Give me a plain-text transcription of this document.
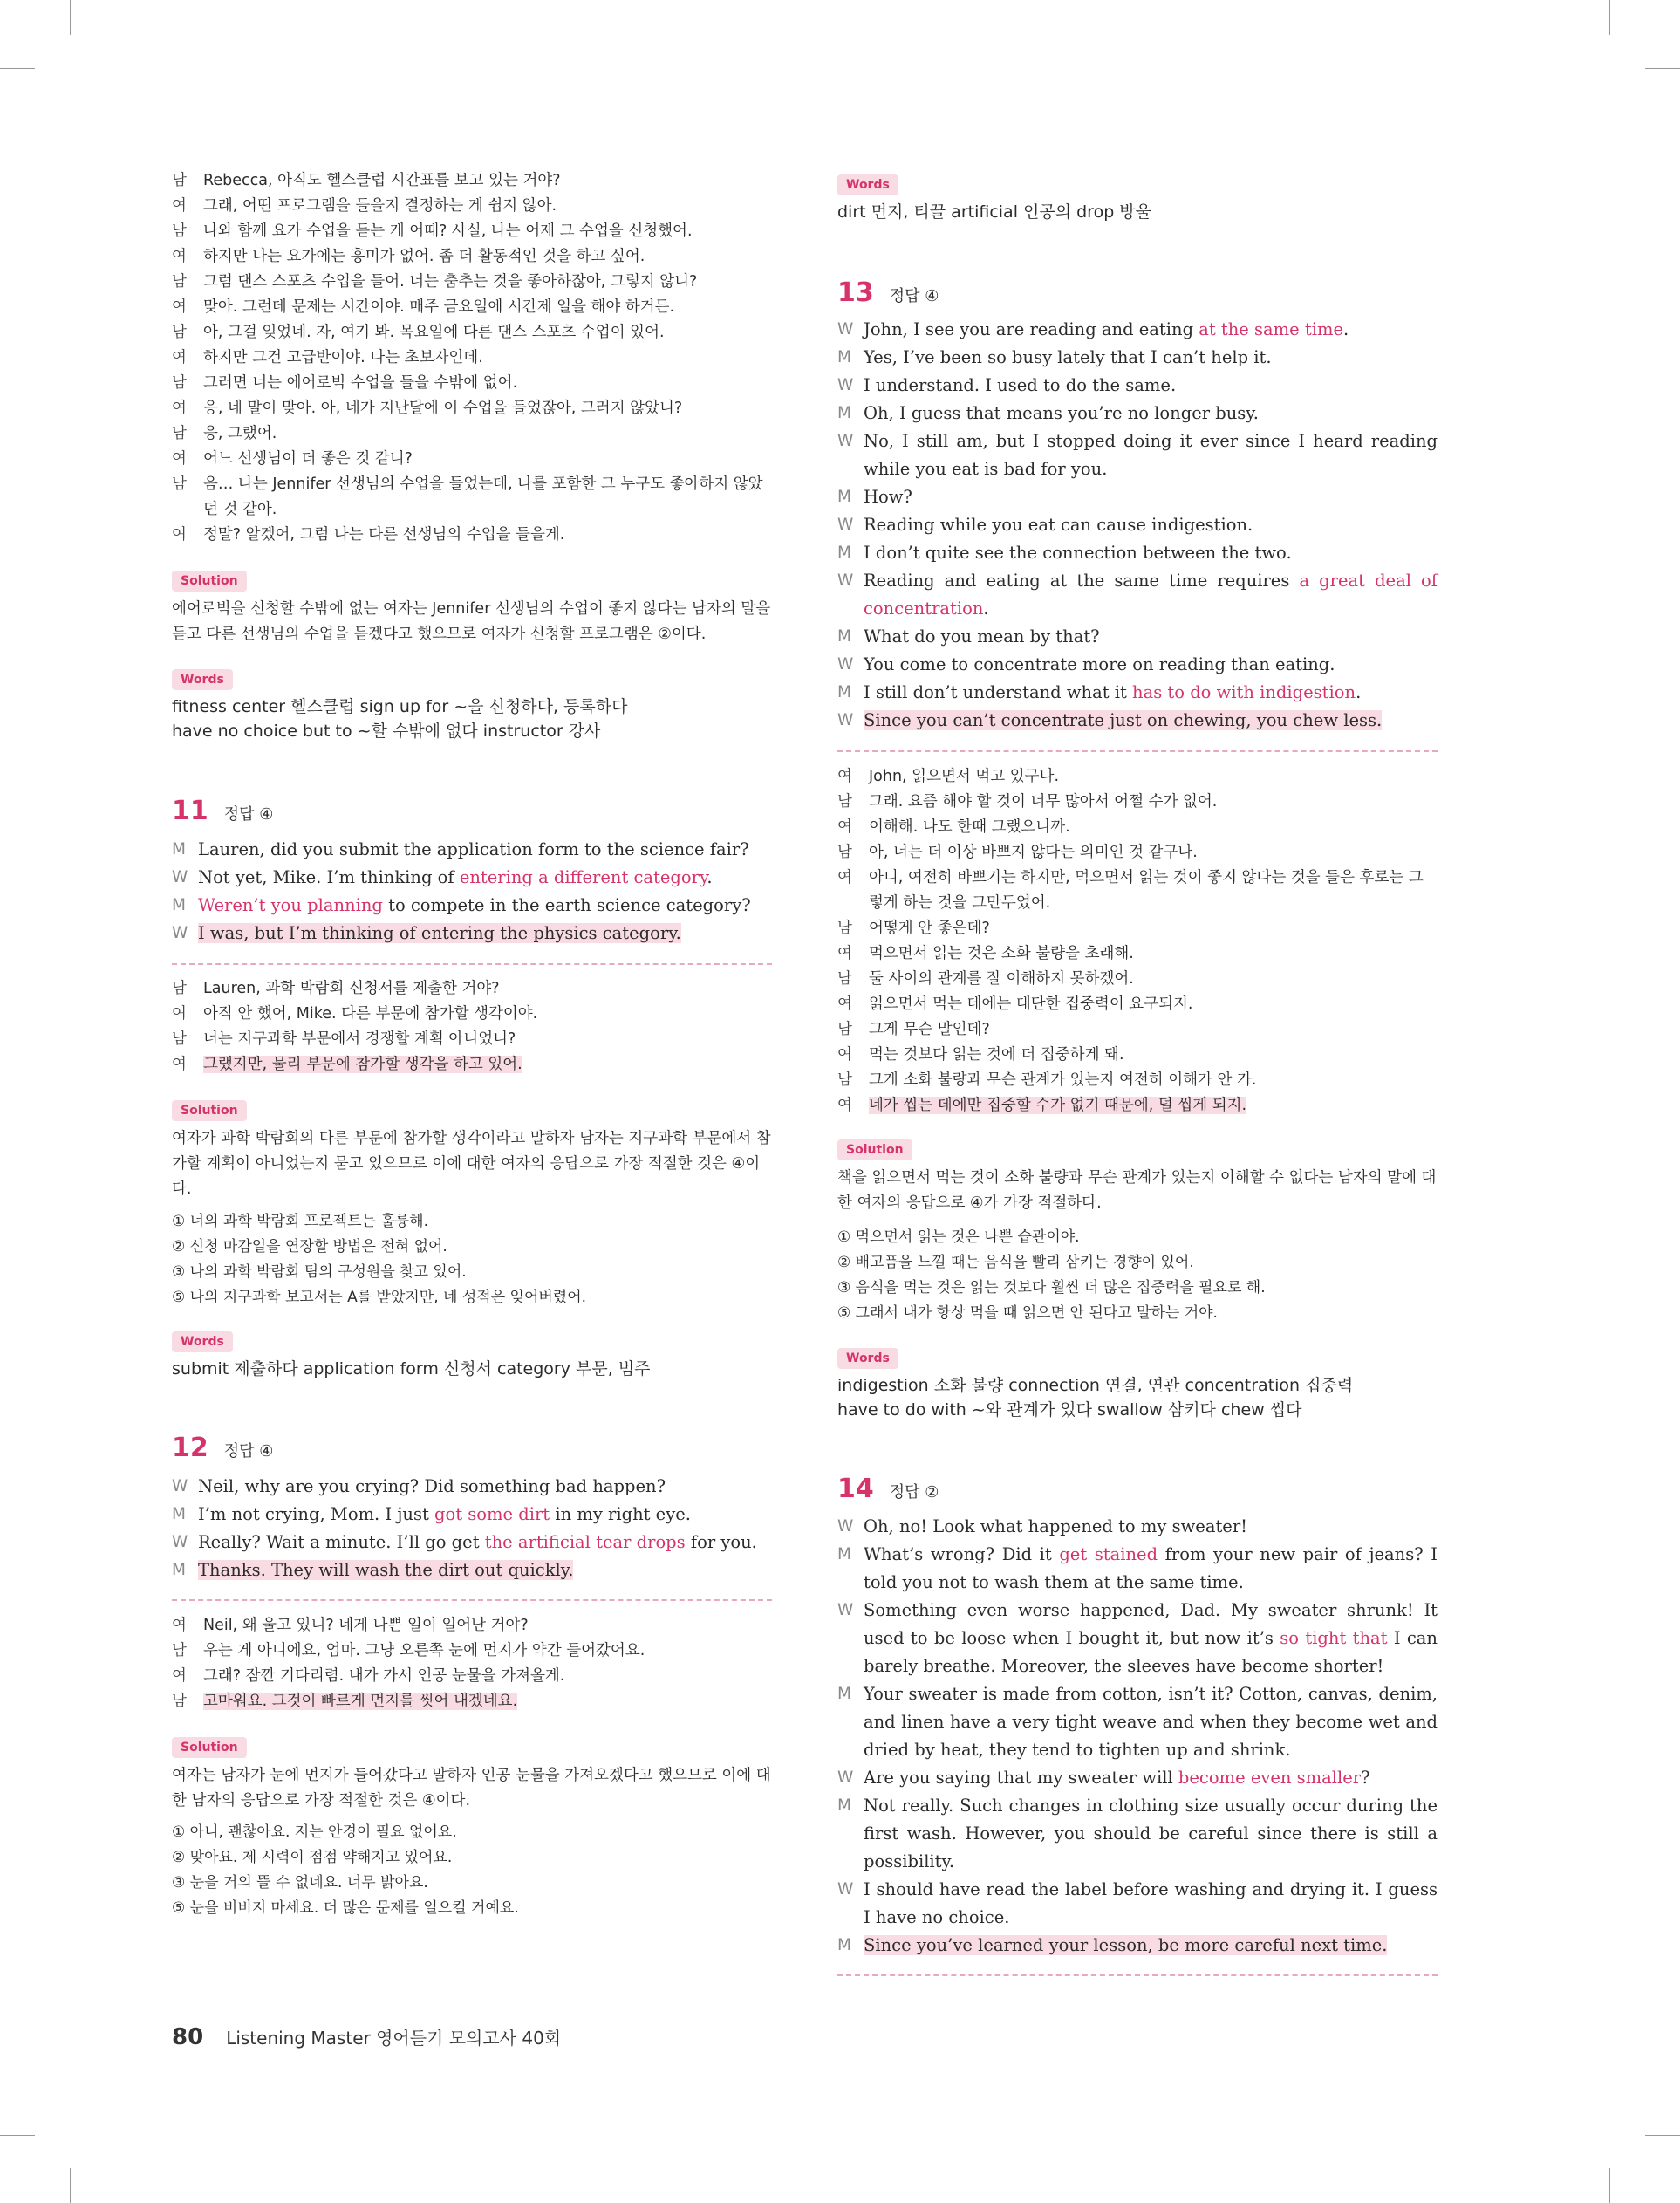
남	Rebecca, 아직도 헬스클럽 시간표를 보고 있는 거야?
여	그래, 어떤 프로그램을 들을지 결정하는 게 쉽지 않아.
남	나와 함께 요가 수업을 듣는 게 어때? 사실, 나는 어제 그 수업을 신청했어.
여	하지만 나는 요가에는 흥미가 없어. 좀 더 활동적인 것을 하고 싶어.
남	그럼 댄스 스포츠 수업을 들어. 너는 춤추는 것을 좋아하잖아, 그렇지 않니?
여	맞아. 그런데 문제는 시간이야. 매주 금요일에 시간제 일을 해야 하거든.
남	아, 그걸 잊었네. 자, 여기 봐. 목요일에 다른 댄스 스포츠 수업이 있어.
여	하지만 그건 고급반이야. 나는 초보자인데.
남	그러면 너는 에어로빅 수업을 들을 수밖에 없어.
여	응, 네 말이 맞아. 아, 네가 지난달에 이 수업을 들었잖아, 그러지 않았니?
남	응, 그랬어.
여	어느 선생님이 더 좋은 것 같니?
남	음… 나는 Jennifer 선생님의 수업을 들었는데, 나를 포함한 그 누구도 좋아하지 않았던 것 같아.
여	정말? 알겠어, 그럼 나는 다른 선생님의 수업을 들을게.
Solution
에어로빅을 신청할 수밖에 없는 여자는 Jennifer 선생님의 수업이 좋지 않다는 남자의 말을 듣고 다른 선생님의 수업을 듣겠다고 했으므로 여자가 신청할 프로그램은 ②이다.
Words
fitness center 헬스클럽 sign up for ~을 신청하다, 등록하다
have no choice but to ~할 수밖에 없다 instructor 강사
11 정답 ④
M Lauren, did you submit the application form to the science fair?
W Not yet, Mike. I’m thinking of entering a different category.
M Weren’t you planning to compete in the earth science category?
W I was, but I’m thinking of entering the physics category.
남	Lauren, 과학 박람회 신청서를 제출한 거야?
여	아직 안 했어, Mike. 다른 부문에 참가할 생각이야.
남	너는 지구과학 부문에서 경쟁할 계획 아니었니?
여	그랬지만, 물리 부문에 참가할 생각을 하고 있어.
Solution
여자가 과학 박람회의 다른 부문에 참가할 생각이라고 말하자 남자는 지구과학 부문에서 참가할 계획이 아니었는지 묻고 있으므로 이에 대한 여자의 응답으로 가장 적절한 것은 ④이다.
① 너의 과학 박람회 프로젝트는 훌륭해.
② 신청 마감일을 연장할 방법은 전혀 없어.
③ 나의 과학 박람회 팀의 구성원을 찾고 있어.
⑤ 나의 지구과학 보고서는 A를 받았지만, 네 성적은 잊어버렸어.
Words
submit 제출하다 application form 신청서 category 부문, 범주
12 정답 ④
W Neil, why are you crying? Did something bad happen?
M I’m not crying, Mom. I just got some dirt in my right eye.
W Really? Wait a minute. I’ll go get the artificial tear drops for you.
M Thanks. They will wash the dirt out quickly.
여	Neil, 왜 울고 있니? 네게 나쁜 일이 일어난 거야?
남	우는 게 아니에요, 엄마. 그냥 오른쪽 눈에 먼지가 약간 들어갔어요.
여	그래? 잠깐 기다리렴. 내가 가서 인공 눈물을 가져올게.
남	고마워요. 그것이 빠르게 먼지를 씻어 내겠네요.
Solution
여자는 남자가 눈에 먼지가 들어갔다고 말하자 인공 눈물을 가져오겠다고 했으므로 이에 대한 남자의 응답으로 가장 적절한 것은 ④이다.
① 아니, 괜찮아요. 저는 안경이 필요 없어요.
② 맞아요. 제 시력이 점점 약해지고 있어요.
③ 눈을 거의 뜰 수 없네요. 너무 밝아요.
⑤ 눈을 비비지 마세요. 더 많은 문제를 일으킬 거예요.
Words
dirt 먼지, 티끌 artificial 인공의 drop 방울
13 정답 ④
W John, I see you are reading and eating at the same time.
M Yes, I’ve been so busy lately that I can’t help it.
W I understand. I used to do the same.
M Oh, I guess that means you’re no longer busy.
W No, I still am, but I stopped doing it ever since I heard reading while you eat is bad for you.
M How?
W Reading while you eat can cause indigestion.
M I don’t quite see the connection between the two.
W Reading and eating at the same time requires a great deal of concentration.
M What do you mean by that?
W You come to concentrate more on reading than eating.
M I still don’t understand what it has to do with indigestion.
W Since you can’t concentrate just on chewing, you chew less.
여	John, 읽으면서 먹고 있구나.
남	그래. 요즘 해야 할 것이 너무 많아서 어쩔 수가 없어.
여	이해해. 나도 한때 그랬으니까.
남	아, 너는 더 이상 바쁘지 않다는 의미인 것 같구나.
여	아니, 여전히 바쁘기는 하지만, 먹으면서 읽는 것이 좋지 않다는 것을 들은 후로는 그렇게 하는 것을 그만두었어.
남	어떻게 안 좋은데?
여	먹으면서 읽는 것은 소화 불량을 초래해.
남	둘 사이의 관계를 잘 이해하지 못하겠어.
여	읽으면서 먹는 데에는 대단한 집중력이 요구되지.
남	그게 무슨 말인데?
여	먹는 것보다 읽는 것에 더 집중하게 돼.
남	그게 소화 불량과 무슨 관계가 있는지 여전히 이해가 안 가.
여	네가 씹는 데에만 집중할 수가 없기 때문에, 덜 씹게 되지.
Solution
책을 읽으면서 먹는 것이 소화 불량과 무슨 관계가 있는지 이해할 수 없다는 남자의 말에 대한 여자의 응답으로 ④가 가장 적절하다.
① 먹으면서 읽는 것은 나쁜 습관이야.
② 배고픔을 느낄 때는 음식을 빨리 삼키는 경향이 있어.
③ 음식을 먹는 것은 읽는 것보다 훨씬 더 많은 집중력을 필요로 해.
⑤ 그래서 내가 항상 먹을 때 읽으면 안 된다고 말하는 거야.
Words
indigestion 소화 불량 connection 연결, 연관 concentration 집중력
have to do with ~와 관계가 있다 swallow 삼키다 chew 씹다
14 정답 ②
W Oh, no! Look what happened to my sweater!
M What’s wrong? Did it get stained from your new pair of jeans? I told you not to wash them at the same time.
W Something even worse happened, Dad. My sweater shrunk! It used to be loose when I bought it, but now it’s so tight that I can barely breathe. Moreover, the sleeves have become shorter!
M Your sweater is made from cotton, isn’t it? Cotton, canvas, denim, and linen have a very tight weave and when they become wet and dried by heat, they tend to tighten up and shrink.
W Are you saying that my sweater will become even smaller?
M Not really. Such changes in clothing size usually occur during the first wash. However, you should be careful since there is still a possibility.
W I should have read the label before washing and drying it. I guess I have no choice.
M Since you’ve learned your lesson, be more careful next time.
80 Listening Master 영어듣기 모의고사 40회
